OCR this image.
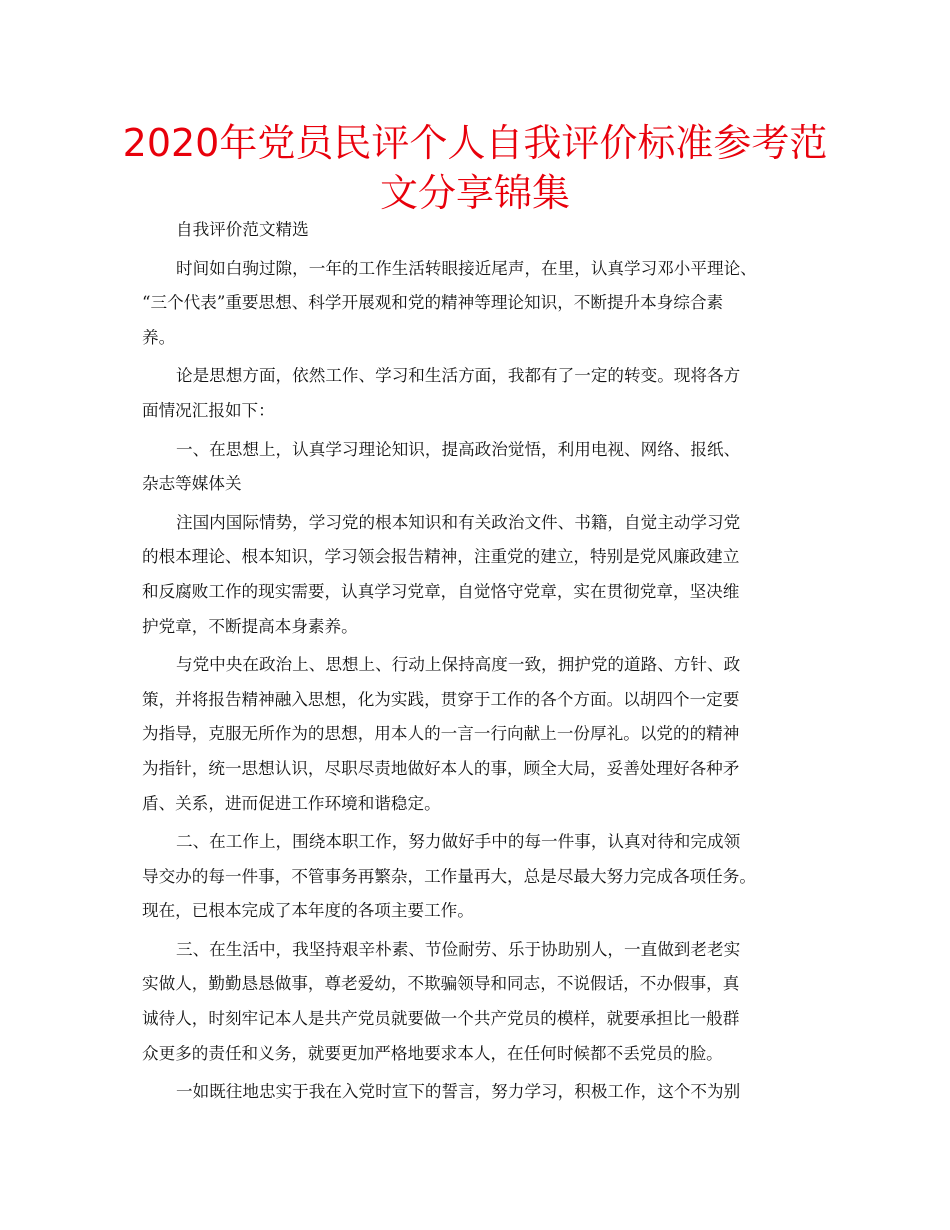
2020年党员民评个人自我评价标准参考范
文分享锦集
自我评价范文精选
时间如白驹过隙，一年的工作生活转眼接近尾声，在里，认真学习邓小平理论、
“三个代表”重要思想、科学开展观和党的精神等理论知识，不断提升本身综合素
养。
论是思想方面，依然工作、学习和生活方面，我都有了一定的转变。现将各方
面情况汇报如下：
一、在思想上，认真学习理论知识，提高政治觉悟，利用电视、网络、报纸、
杂志等媒体关
注国内国际情势，学习党的根本知识和有关政治文件、书籍，自觉主动学习党
的根本理论、根本知识，学习领会报告精神，注重党的建立，特别是党风廉政建立
和反腐败工作的现实需要，认真学习党章，自觉恪守党章，实在贯彻党章，坚决维
护党章，不断提高本身素养。
与党中央在政治上、思想上、行动上保持高度一致，拥护党的道路、方针、政
策，并将报告精神融入思想，化为实践，贯穿于工作的各个方面。以胡四个一定要
为指导，克服无所作为的思想，用本人的一言一行向献上一份厚礼。以党的的精神
为指针，统一思想认识，尽职尽责地做好本人的事，顾全大局，妥善处理好各种矛
盾、关系，进而促进工作环境和谐稳定。
二、在工作上，围绕本职工作，努力做好手中的每一件事，认真对待和完成领
导交办的每一件事，不管事务再繁杂，工作量再大，总是尽最大努力完成各项任务。
现在，已根本完成了本年度的各项主要工作。
三、在生活中，我坚持艰辛朴素、节俭耐劳、乐于协助别人，一直做到老老实
实做人，勤勤恳恳做事，尊老爱幼，不欺骗领导和同志，不说假话，不办假事，真
诚待人，时刻牢记本人是共产党员就要做一个共产党员的模样，就要承担比一般群
众更多的责任和义务，就要更加严格地要求本人，在任何时候都不丢党员的脸。
一如既往地忠实于我在入党时宣下的誓言，努力学习，积极工作，这个不为别
